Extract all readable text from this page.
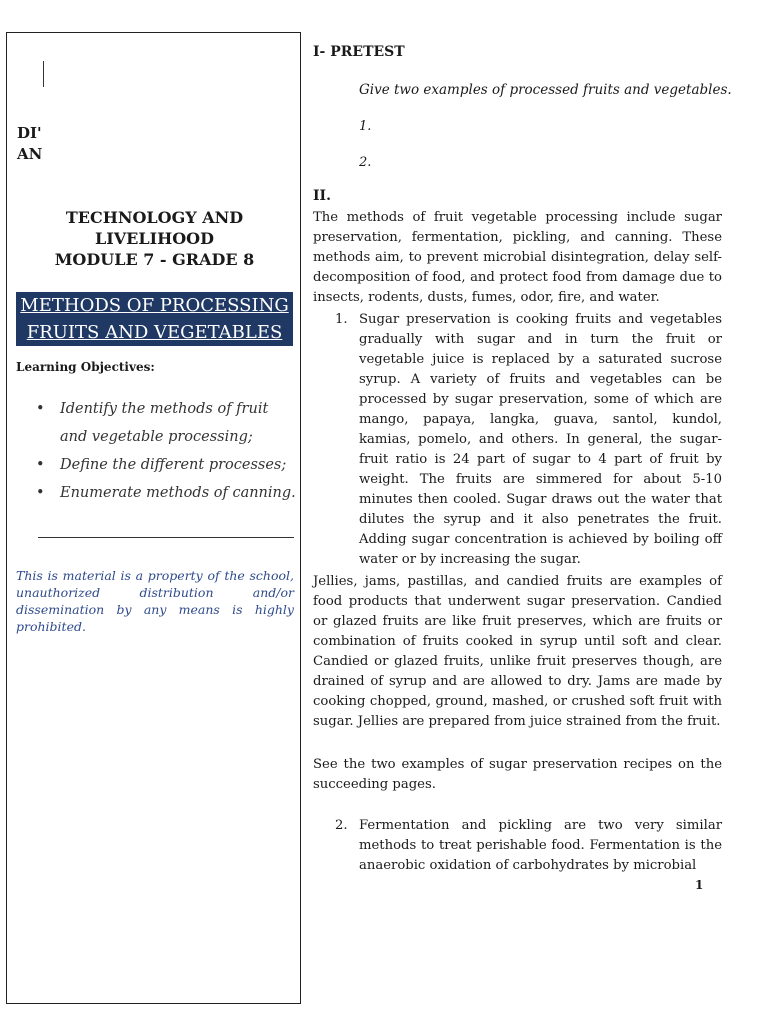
DI'
AN
TECHNOLOGY AND
LIVELIHOOD
MODULE 7 - GRADE 8
METHODS OF PROCESSING
FRUITS AND VEGETABLES
Learning Objectives:
• Identify the methods of fruit and vegetable processing;
• Define the different processes;
• Enumerate methods of canning.
This is material is a property of the school, unauthorized distribution and/or dissemination by any means is highly prohibited.
I- PRETEST
Give two examples of processed fruits and vegetables.
1.
2.
II.

The methods of fruit vegetable processing include sugar preservation, fermentation, pickling, and canning. These methods aim, to prevent microbial disintegration, delay self-decomposition of food, and protect food from damage due to insects, rodents, dusts, fumes, odor, fire, and water.

1. Sugar preservation is cooking fruits and vegetables gradually with sugar and in turn the fruit or vegetable juice is replaced by a saturated sucrose syrup. A variety of fruits and vegetables can be processed by sugar preservation, some of which are mango, papaya, langka, guava, santol, kundol, kamias, pomelo, and others. In general, the sugar-fruit ratio is 24 part of sugar to 4 part of fruit by weight. The fruits are simmered for about 5-10 minutes then cooled. Sugar draws out the water that dilutes the syrup and it also penetrates the fruit. Adding sugar concentration is achieved by boiling off water or by increasing the sugar.

Jellies, jams, pastillas, and candied fruits are examples of food products that underwent sugar preservation. Candied or glazed fruits are like fruit preserves, which are fruits or combination of fruits cooked in syrup until soft and clear. Candied or glazed fruits, unlike fruit preserves though, are drained of syrup and are allowed to dry. Jams are made by cooking chopped, ground, mashed, or crushed soft fruit with sugar. Jellies are prepared from juice strained from the fruit.

See the two examples of sugar preservation recipes on the succeeding pages.

2. Fermentation and pickling are two very similar methods to treat perishable food. Fermentation is the anaerobic oxidation of carbohydrates by microbial
1
